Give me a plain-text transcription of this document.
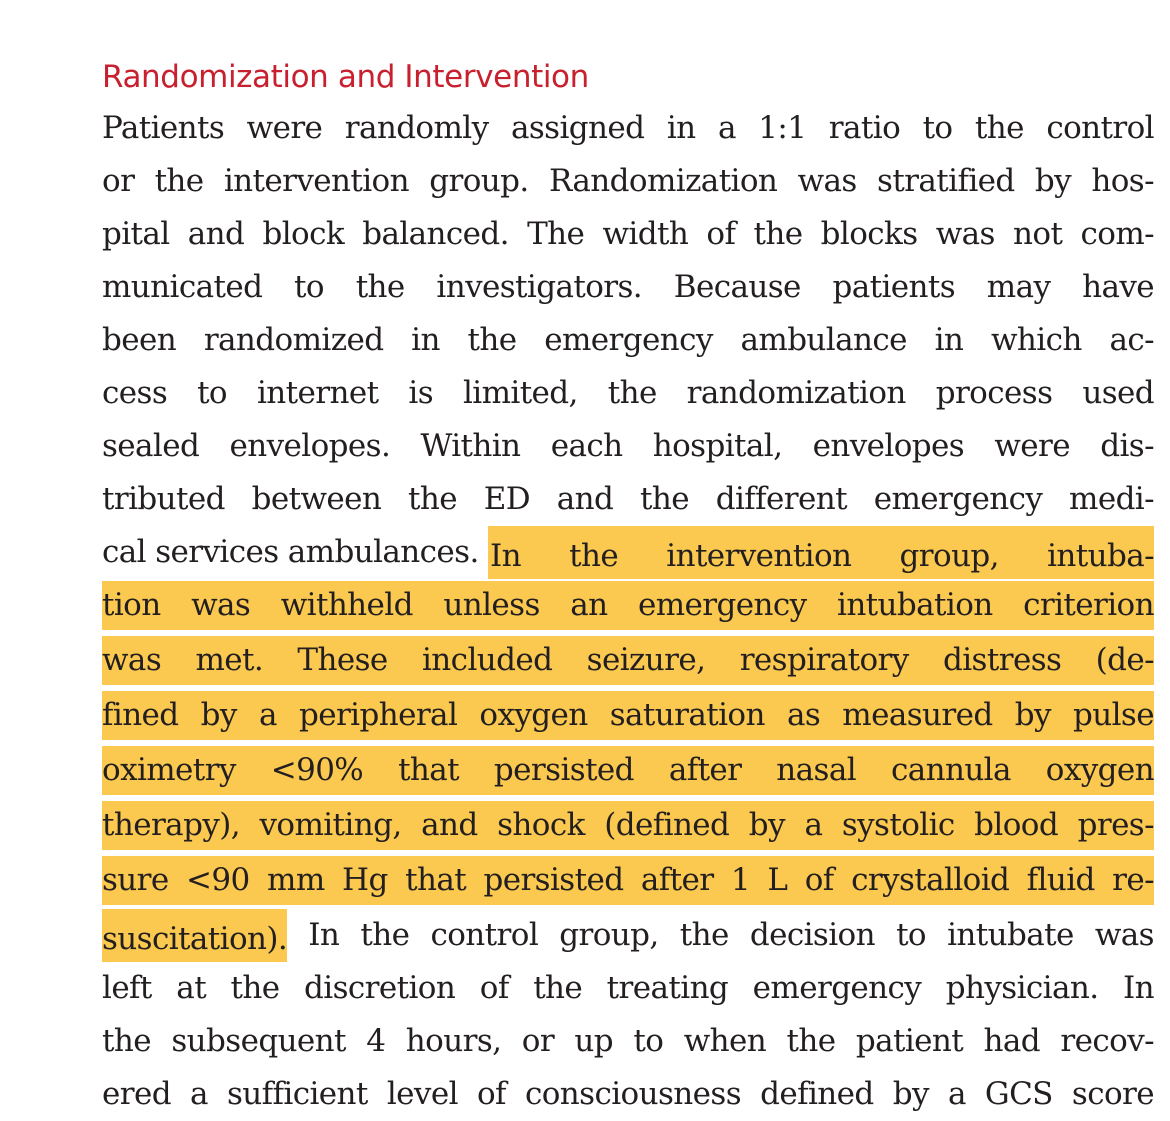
Randomization and Intervention
Patients were randomly assigned in a 1:1 ratio to the control
or the intervention group. Randomization was stratified by hos-
pital and block balanced. The width of the blocks was not com-
municated to the investigators. Because patients may have
been randomized in the emergency ambulance in which ac-
cess to internet is limited, the randomization process used
sealed envelopes. Within each hospital, envelopes were dis-
tributed between the ED and the different emergency medi-
cal services ambulances. In the intervention group, intuba-
tion was withheld unless an emergency intubation criterion
was met. These included seizure, respiratory distress (de-
fined by a peripheral oxygen saturation as measured by pulse
oximetry <90% that persisted after nasal cannula oxygen
therapy), vomiting, and shock (defined by a systolic blood pres-
sure <90 mm Hg that persisted after 1 L of crystalloid fluid re-
suscitation). In the control group, the decision to intubate was
left at the discretion of the treating emergency physician. In
the subsequent 4 hours, or up to when the patient had recov-
ered a sufficient level of consciousness defined by a GCS score
